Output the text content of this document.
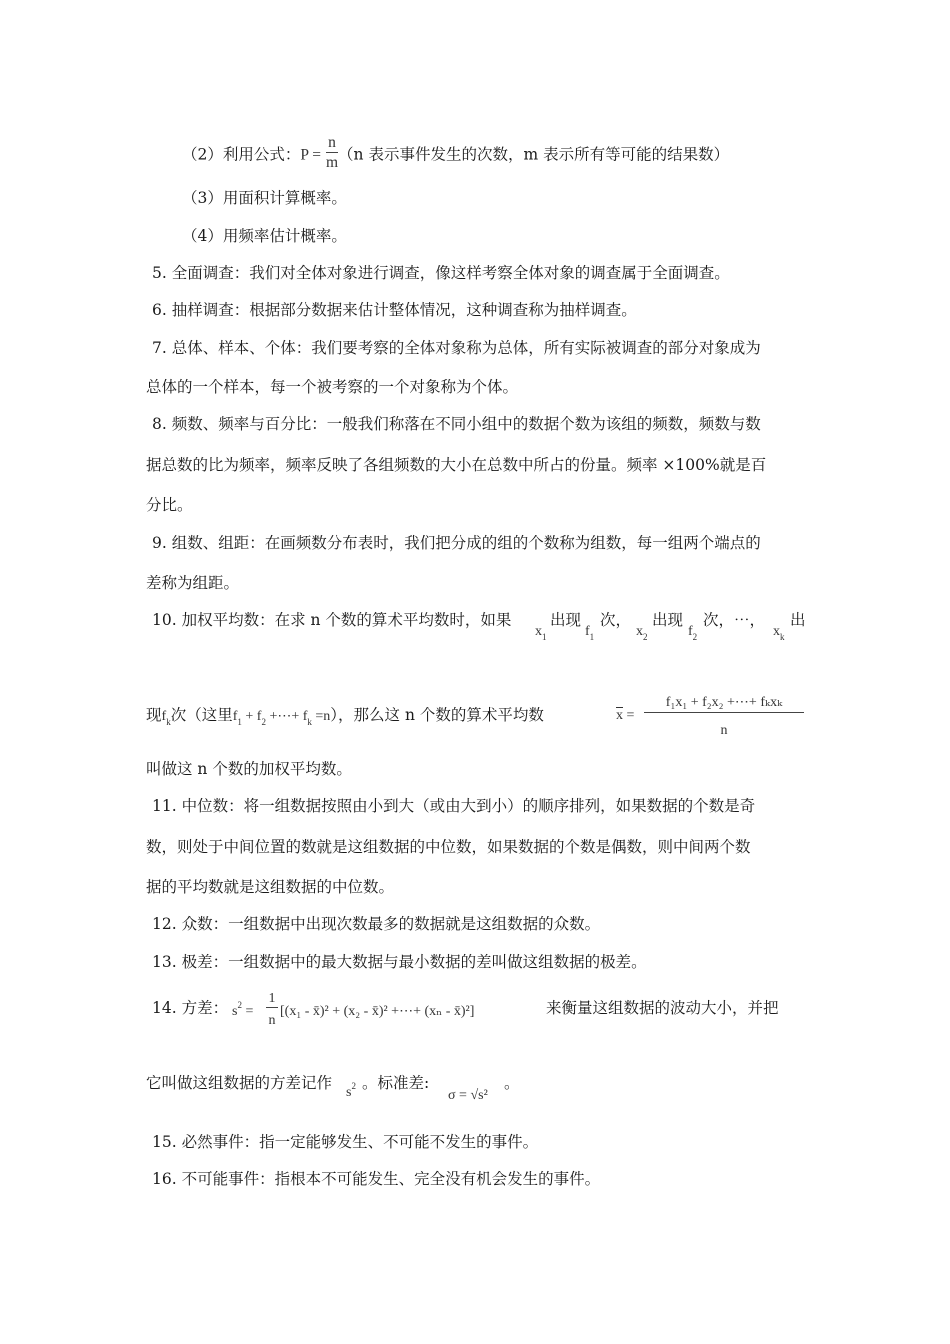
（2）利用公式：$P = \frac{n}{m} (n$ 表示事件发生的次数，m 表示所有等可能的结果数）
（3）用面积计算概率。
（4）用频率估计概率。
5. 全面调查：我们对全体对象进行调查，像这样考察全体对象的调查属于全面调查。
6. 抽样调查：根据部分数据来估计整体情况，这种调查称为抽样调查。
7. 总体、样本、个体：我们要考察的全体对象称为总体，所有实际被调查的部分对象成为
总体的一个样本，每一个被考察的一个对象称为个体。
8. 频数、频率与百分比：一般我们称落在不同小组中的数据个数为该组的频数，频数与数
据总数的比为频率，频率反映了各组频数的大小在总数中所占的份量。频率 ×100%就是百
分比。
9. 组数、组距：在画频数分布表时，我们把分成的组的个数称为组数，每一组两个端点的
差称为组距。
10. 加权平均数：在求 n 个数的算术平均数时，如果
$x_1$
出现
$f_1$
次，
$x_2$
出现
$f_2$
次，⋯，
$x_k$
出
现$f_k$次（这里$f_1 + f_2$ +⋯+ $f_k =n$），那么这 n 个数的算术平均数	$\overline{x}$ =
f₁x₁ + f₂x₂ +⋯+ fₖxₖ
n
叫做这 n 个数的加权平均数。
11. 中位数：将一组数据按照由小到大（或由大到小）的顺序排列，如果数据的个数是奇
数，则处于中间位置的数就是这组数据的中位数，如果数据的个数是偶数，则中间两个数
据的平均数就是这组数据的中位数。
12. 众数：一组数据中出现次数最多的数据就是这组数据的众数。
13. 极差：一组数据中的最大数据与最小数据的差叫做这组数据的极差。
14. 方差： $s^2$ =
1
n
[(x₁ - x̄)² + (x₂ - x̄)² +⋯+ (xₙ - x̄)²]	来衡量这组数据的波动大小，并把
它叫做这组数据的方差记作
$s^2$ 。标准差:
σ = √s²
。
15. 必然事件：指一定能够发生、不可能不发生的事件。
16. 不可能事件：指根本不可能发生、完全没有机会发生的事件。
